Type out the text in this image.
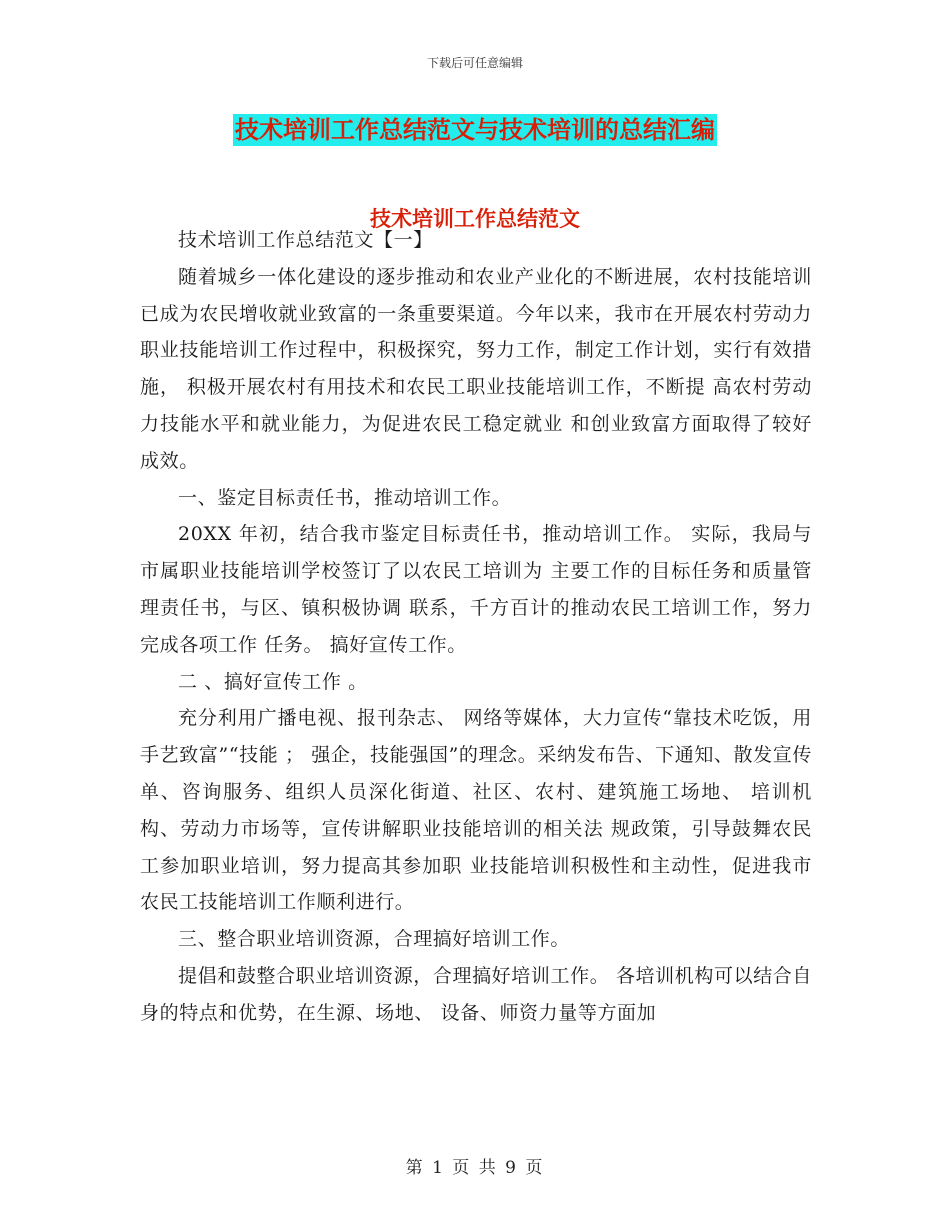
下载后可任意编辑
技术培训工作总结范文与技术培训的总结汇编
技术培训工作总结范文

技术培训工作总结范文【一】

随着城乡一体化建设的逐步推动和农业产业化的不断进展，农村技能培训已成为农民增收就业致富的一条重要渠道。今年以来，我市在开展农村劳动力职业技能培训工作过程中，积极探究，努力工作，制定工作计划，实行有效措施， 积极开展农村有用技术和农民工职业技能培训工作，不断提 高农村劳动力技能水平和就业能力，为促进农民工稳定就业 和创业致富方面取得了较好成效。

一、鉴定目标责任书，推动培训工作。

20XX 年初，结合我市鉴定目标责任书，推动培训工作。 实际，我局与市属职业技能培训学校签订了以农民工培训为 主要工作的目标任务和质量管理责任书，与区、镇积极协调 联系，千方百计的推动农民工培训工作，努力完成各项工作 任务。 搞好宣传工作。

二 、搞好宣传工作 。

充分利用广播电视、报刊杂志、 网络等媒体，大力宣传“靠技术吃饭，用手艺致富”“技能 ； 强企，技能强国”的理念。采纳发布告、下通知、散发宣传 单、咨询服务、组织人员深化街道、社区、农村、建筑施工场地、 培训机构、劳动力市场等，宣传讲解职业技能培训的相关法 规政策，引导鼓舞农民工参加职业培训，努力提高其参加职 业技能培训积极性和主动性，促进我市农民工技能培训工作顺利进行。

三、整合职业培训资源，合理搞好培训工作。

提倡和鼓整合职业培训资源，合理搞好培训工作。 各培训机构可以结合自身的特点和优势，在生源、场地、 设备、师资力量等方面加

第 1 页 共 9 页
